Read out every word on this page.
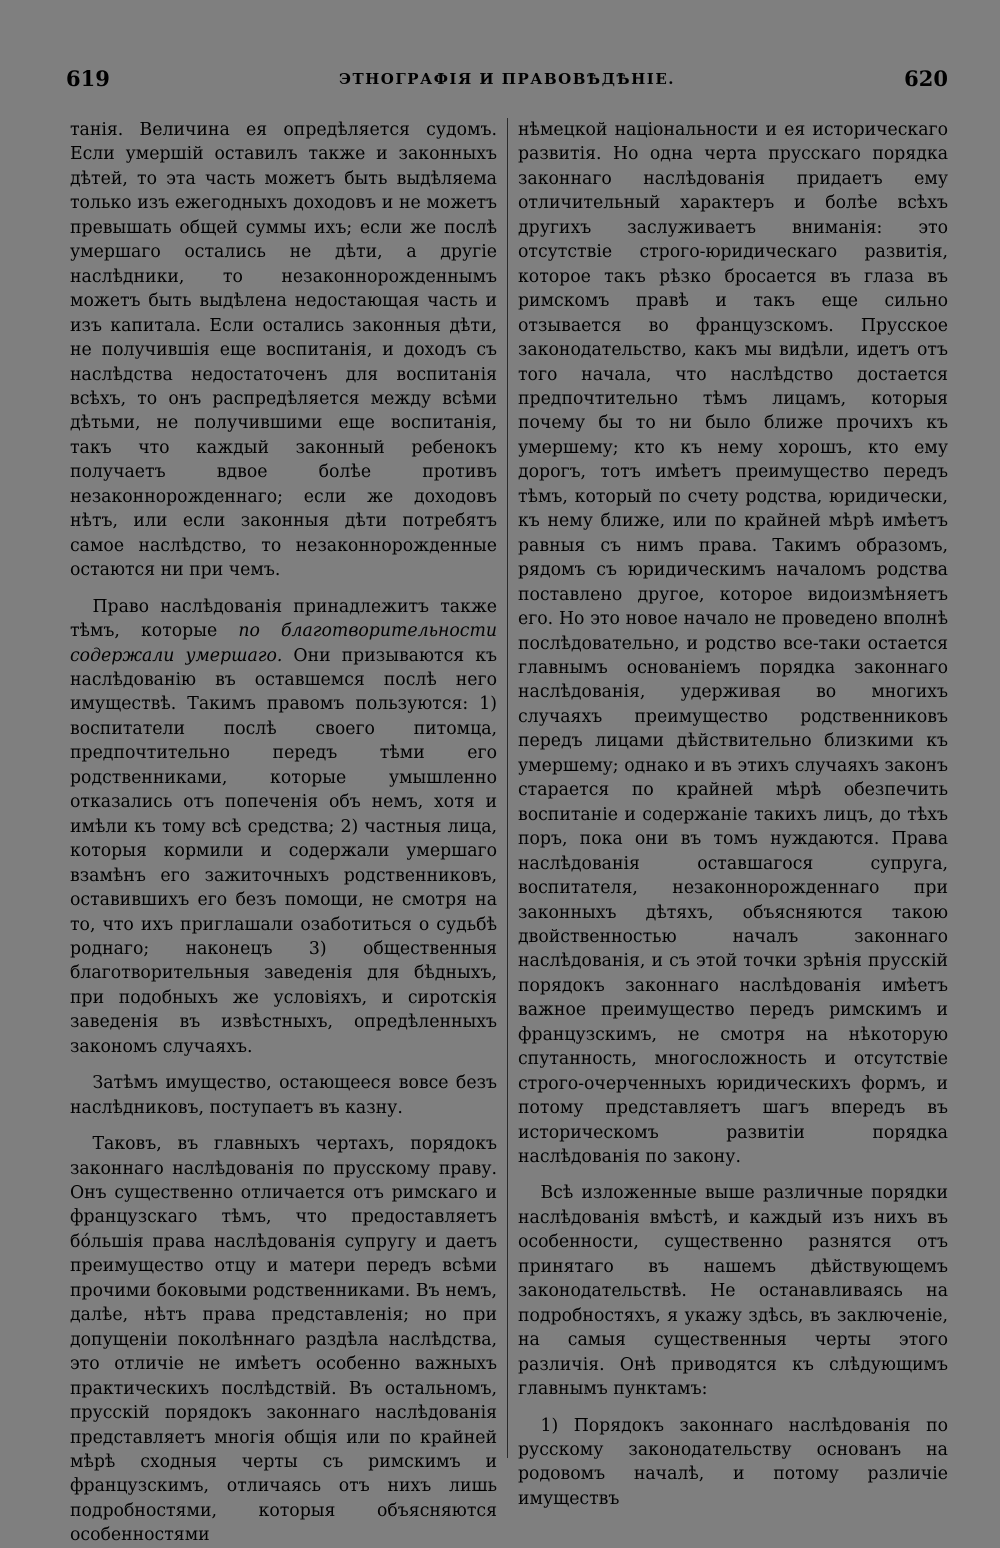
619	ЭТНОГРАФІЯ И ПРАВОВѢДѢНІЕ.	620

танія. Величина ея опредѣляется судомъ. Если умершій оставилъ также и законныхъ дѣтей, то эта часть можетъ быть выдѣляема только изъ ежегодныхъ доходовъ и не можетъ превышать общей суммы ихъ; если же послѣ умершаго остались не дѣти, а другіе наслѣдники, то незаконнорожденнымъ можетъ быть выдѣлена недостающая часть и изъ капитала. Если остались законныя дѣти, не получившія еще воспитанія, и доходъ съ наслѣдства недостаточенъ для воспитанія всѣхъ, то онъ распредѣляется между всѣми дѣтьми, не получившими еще воспитанія, такъ что каждый законный ребенокъ получаетъ вдвое болѣе противъ незаконнорожденнаго; если же доходовъ нѣтъ, или если законныя дѣти потребятъ самое наслѣдство, то незаконнорожденные остаются ни при чемъ.

Право наслѣдованія принадлежитъ также тѣмъ, которые по благотворительности содержали умершаго. Они призываются къ наслѣдованію въ оставшемся послѣ него имуществѣ. Такимъ правомъ пользуются: 1) воспитатели послѣ своего питомца, предпочтительно передъ тѣми его родственниками, которые умышленно отказались отъ попеченія объ немъ, хотя и имѣли къ тому всѣ средства; 2) частныя лица, которыя кормили и содержали умершаго взамѣнъ его зажиточныхъ родственниковъ, оставившихъ его безъ помощи, не смотря на то, что ихъ приглашали озаботиться о судьбѣ роднаго; наконецъ 3) общественныя благотворительныя заведенія для бѣдныхъ, при подобныхъ же условіяхъ, и сиротскія заведенія въ извѣстныхъ, опредѣленныхъ закономъ случаяхъ.

Затѣмъ имущество, остающееся вовсе безъ наслѣдниковъ, поступаетъ въ казну.

Таковъ, въ главныхъ чертахъ, порядокъ законнаго наслѣдованія по прусскому праву. Онъ существенно отличается отъ римскаго и французскаго тѣмъ, что предоставляетъ бóльшія права наслѣдованія супругу и даетъ преимущество отцу и матери передъ всѣми прочими боковыми родственниками. Въ немъ, далѣе, нѣтъ права представленія; но при допущеніи поколѣннаго раздѣла наслѣдства, это отличіе не имѣетъ особенно важныхъ практическихъ послѣдствій. Въ остальномъ, прусскій порядокъ законнаго наслѣдованія представляетъ многія общія или по крайней мѣрѣ сходныя черты съ римскимъ и французскимъ, отличаясь отъ нихъ лишь подробностями, которыя объясняются особенностями

нѣмецкой національности и ея историческаго развитія. Но одна черта прусскаго порядка законнаго наслѣдованія придаетъ ему отличительный характеръ и болѣе всѣхъ другихъ заслуживаетъ вниманія: это отсутствіе строго-юридическаго развитія, которое такъ рѣзко бросается въ глаза въ римскомъ правѣ и такъ еще сильно отзывается во французскомъ. Прусское законодательство, какъ мы видѣли, идетъ отъ того начала, что наслѣдство достается предпочтительно тѣмъ лицамъ, которыя почему бы то ни было ближе прочихъ къ умершему; кто къ нему хорошъ, кто ему дорогъ, тотъ имѣетъ преимущество передъ тѣмъ, который по счету родства, юридически, къ нему ближе, или по крайней мѣрѣ имѣетъ равныя съ нимъ права. Такимъ образомъ, рядомъ съ юридическимъ началомъ родства поставлено другое, которое видоизмѣняетъ его. Но это новое начало не проведено вполнѣ послѣдовательно, и родство все-таки остается главнымъ основаніемъ порядка законнаго наслѣдованія, удерживая во многихъ случаяхъ преимущество родственниковъ передъ лицами дѣйствительно близкими къ умершему; однако и въ этихъ случаяхъ законъ старается по крайней мѣрѣ обезпечить воспитаніе и содержаніе такихъ лицъ, до тѣхъ поръ, пока они въ томъ нуждаются. Права наслѣдованія оставшагося супруга, воспитателя, незаконнорожденнаго при законныхъ дѣтяхъ, объясняются такою двойственностью началъ законнаго наслѣдованія, и съ этой точки зрѣнія прусскій порядокъ законнаго наслѣдованія имѣетъ важное преимущество передъ римскимъ и французскимъ, не смотря на нѣкоторую спутанность, многосложность и отсутствіе строго-очерченныхъ юридическихъ формъ, и потому представляетъ шагъ впередъ въ историческомъ развитіи порядка наслѣдованія по закону.

Всѣ изложенные выше различные порядки наслѣдованія вмѣстѣ, и каждый изъ нихъ въ особенности, существенно разнятся отъ принятаго въ нашемъ дѣйствующемъ законодательствѣ. Не останавливаясь на подробностяхъ, я укажу здѣсь, въ заключеніе, на самыя существенныя черты этого различія. Онѣ приводятся къ слѣдующимъ главнымъ пунктамъ:

1) Порядокъ законнаго наслѣдованія по русскому законодательству основанъ на родовомъ началѣ, и потому различіе имуществъ
